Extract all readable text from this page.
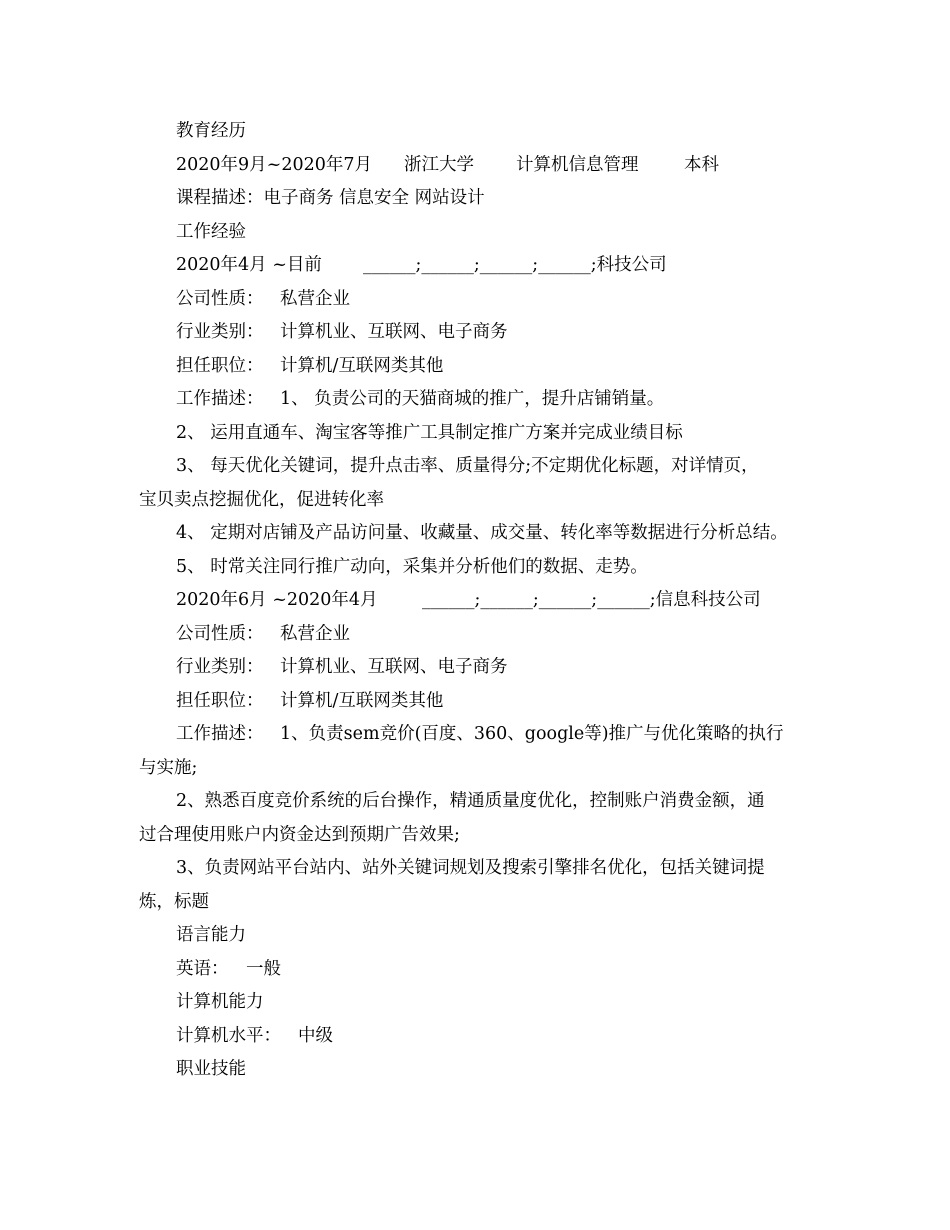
教育经历
2020年9月~2020年7月 浙江大学 计算机信息管理	本科
课程描述：电子商务 信息安全 网站设计
工作经验
2020年4月 ~目前 ______;______;______;______;科技公司
公司性质： 私营企业
行业类别： 计算机业、互联网、电子商务
担任职位： 计算机/互联网类其他
工作描述： 1、 负责公司的天猫商城的推广，提升店铺销量。
2、 运用直通车、淘宝客等推广工具制定推广方案并完成业绩目标
3、 每天优化关键词，提升点击率、质量得分;不定期优化标题，对详情页，
宝贝卖点挖掘优化，促进转化率
4、 定期对店铺及产品访问量、收藏量、成交量、转化率等数据进行分析总结。
5、 时常关注同行推广动向，采集并分析他们的数据、走势。
2020年6月 ~2020年4月	______;______;______;______;信息科技公司
公司性质： 私营企业
行业类别： 计算机业、互联网、电子商务
担任职位： 计算机/互联网类其他
工作描述： 1、负责sem竞价(百度、360、google等)推广与优化策略的执行
与实施;
2、熟悉百度竞价系统的后台操作，精通质量度优化，控制账户消费金额，通
过合理使用账户内资金达到预期广告效果;
3、负责网站平台站内、站外关键词规划及搜索引擎排名优化，包括关键词提
炼，标题
语言能力
英语： 一般
计算机能力
计算机水平： 中级
职业技能
